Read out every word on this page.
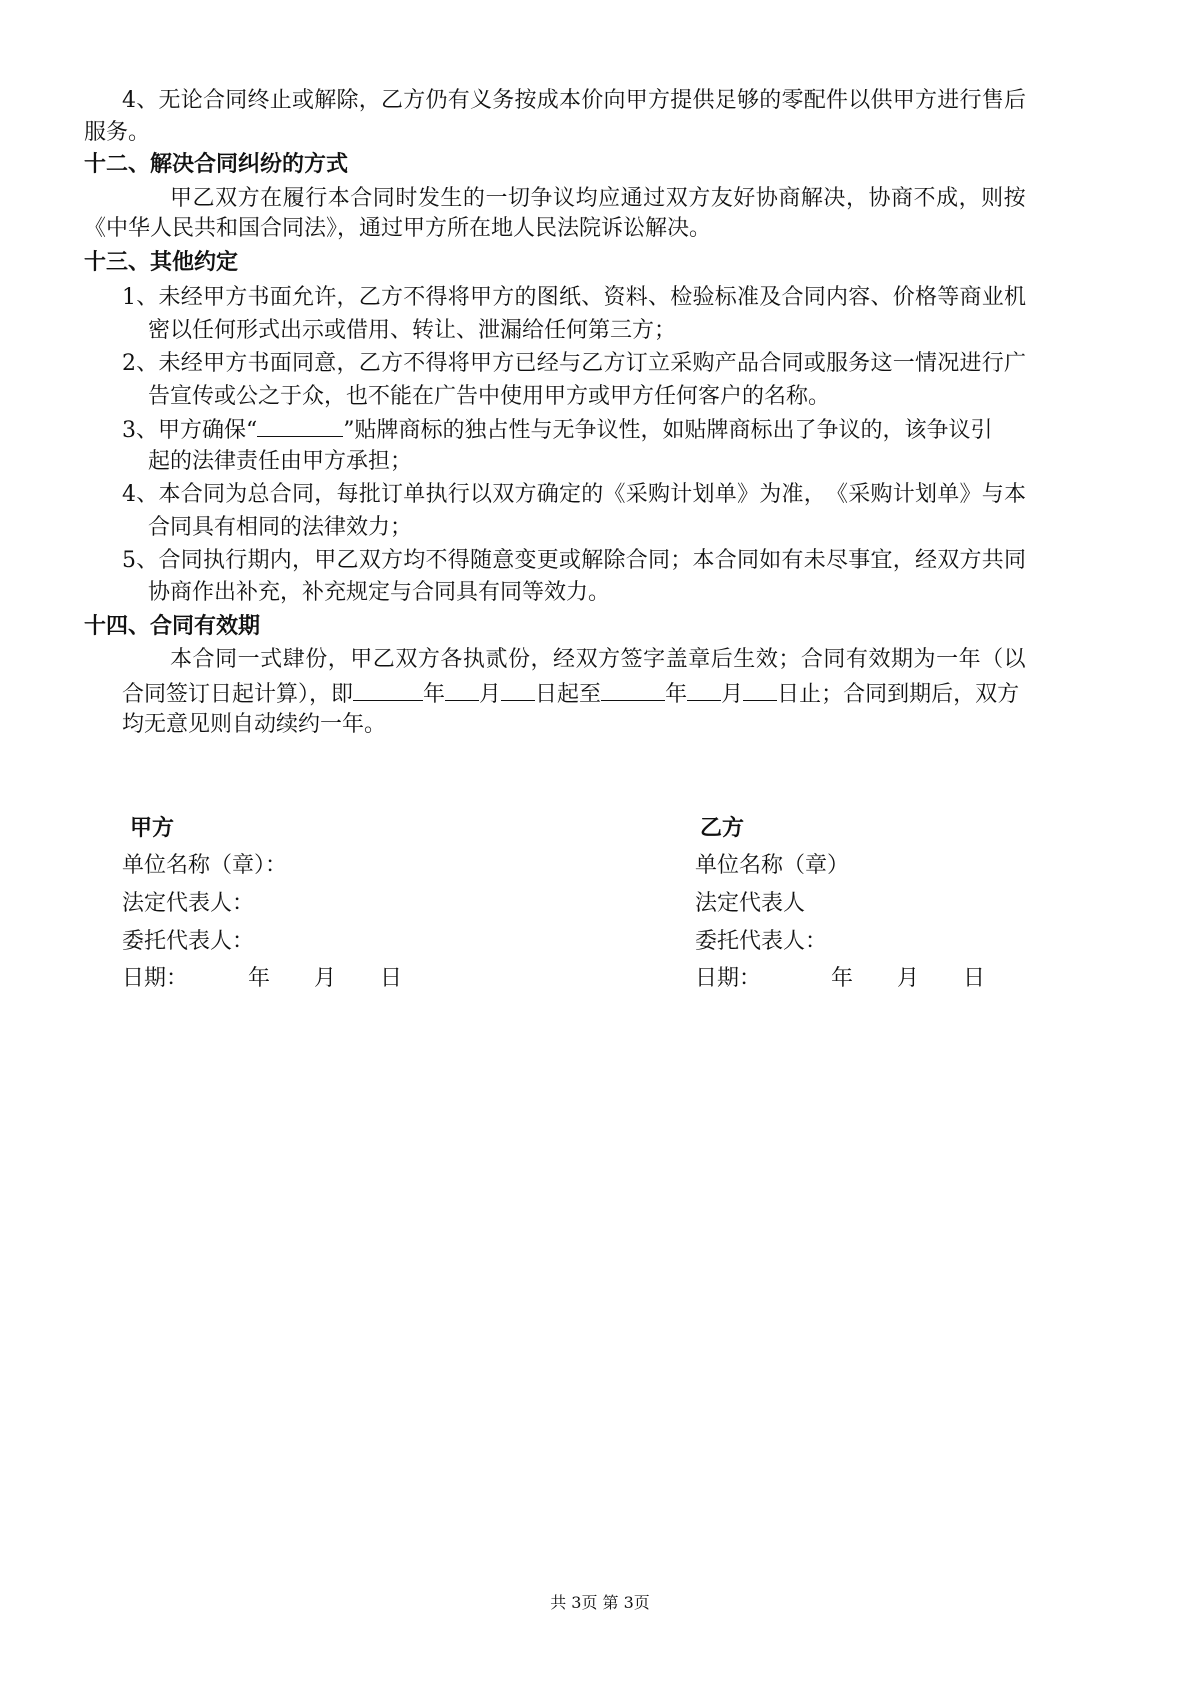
4 、 无 论 合 同 终 止 或 解 除 ， 乙 方 仍 有 义 务 按 成 本 价 向 甲 方 提 供 足 够 的 零 配 件 以 供 甲 方 进 行 售 后
服务。
十二、解决合同纠纷的方式
甲 乙 双 方 在 履 行 本 合 同 时 发 生 的 一 切 争 议 均 应 通 过 双 方 友 好 协 商 解 决 ， 协 商 不 成 ， 则 按
《中华人民共和国合同法》，通过甲方所在地人民法院诉讼解决。
十三、其他约定
1 、 未 经 甲 方 书 面 允 许 ， 乙 方 不 得 将 甲 方 的 图 纸 、 资 料 、 检 验 标 准 及 合 同 内 容 、 价 格 等 商 业 机
密以任何形式出示或借用、转让、泄漏给任何第三方；
2 、 未 经 甲 方 书 面 同 意 ， 乙 方 不 得 将 甲 方 已 经 与 乙 方 订 立 采 购 产 品 合 同 或 服 务 这 一 情 况 进 行 广
告宣传或公之于众，也不能在广告中使用甲方或甲方任何客户的名称。
3、甲方确保“	”贴牌商标的独占性与无争议性，如贴牌商标出了争议的，该争议引
起的法律责任由甲方承担；
4 、 本 合 同 为 总 合 同 ， 每 批 订 单 执 行 以 双 方 确 定 的 《 采 购 计 划 单 》 为 准 ， 《 采 购 计 划 单 》 与 本
合同具有相同的法律效力；
5 、 合 同 执 行 期 内 ， 甲 乙 双 方 均 不 得 随 意 变 更 或 解 除 合 同 ； 本 合 同 如 有 未 尽 事 宜 ， 经 双 方 共 同
协商作出补充，补充规定与合同具有同等效力。
十四、合同有效期
本 合 同 一 式 肆 份 ， 甲 乙 双 方 各 执 贰 份 ， 经 双 方 签 字 盖 章 后 生 效 ； 合 同 有 效 期 为 一 年 （ 以
合同签订日起计算），即	年 月 日起至	年 月 日止；合同到期后，双方
均无意见则自动续约一年。
甲方
单位名称（章）：
法定代表人：
委托代表人：
日期：	年 月 日
乙方
单位名称（章）
法定代表人
委托代表人：
日期：	年 月 日
共 3页 第 3页
